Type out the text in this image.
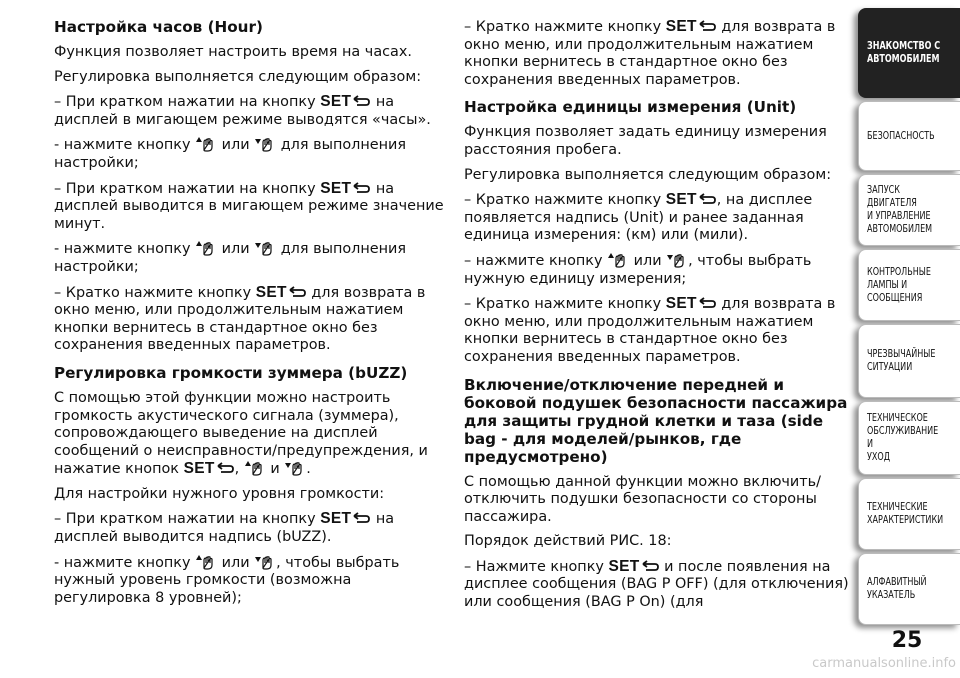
Настройка часов (Hour)

Функция позволяет настроить время на часах.

Регулировка выполняется следующим образом:

– При кратком нажатии на кнопку SET на дисплей в мигающем режиме выводятся «часы».

- нажмите кнопку или для выполнения настройки;

– При кратком нажатии на кнопку SET на дисплей выводится в мигающем режиме значение минут.

- нажмите кнопку или для выполнения настройки;

– Кратко нажмите кнопку SET для возврата в окно меню, или продолжительным нажатием кнопки вернитесь в стандартное окно без сохранения введенных параметров.

Регулировка громкости зуммера (bUZZ)

С помощью этой функции можно настроить громкость акустического сигнала (зуммера), сопровождающего выведение на дисплей сообщений о неисправности/предупреждения, и нажатие кнопок SET , и .

Для настройки нужного уровня громкости:

– При кратком нажатии на кнопку SET на дисплей выводится надпись (bUZZ).

- нажмите кнопку или , чтобы выбрать нужный уровень громкости (возможна регулировка 8 уровней);

– Кратко нажмите кнопку SET для возврата в окно меню, или продолжительным нажатием кнопки вернитесь в стандартное окно без сохранения введенных параметров.

Настройка единицы измерения (Unit)

Функция позволяет задать единицу измерения расстояния пробега.

Регулировка выполняется следующим образом:

– Кратко нажмите кнопку SET , на дисплее появляется надпись (Unit) и ранее заданная единица измерения: (км) или (мили).

– нажмите кнопку или , чтобы выбрать нужную единицу измерения;

– Кратко нажмите кнопку SET для возврата в окно меню, или продолжительным нажатием кнопки вернитесь в стандартное окно без сохранения введенных параметров.

Включение/отключение передней и боковой подушек безопасности пассажира для защиты грудной клетки и таза (side bag - для моделей/рынков, где предусмотрено)

С помощью данной функции можно включить/отключить подушки безопасности со стороны пассажира.

Порядок действий РИС. 18:

– Нажмите кнопку SET и после появления на дисплее сообщения (BAG P OFF) (для отключения) или сообщения (BAG P On) (для

ЗНАКОМСТВО С
АВТОМОБИЛЕМ
БЕЗОПАСНОСТЬ
ЗАПУСК ДВИГАТЕЛЯ
И УПРАВЛЕНИЕ
АВТОМОБИЛЕМ
КОНТРОЛЬНЫЕ
ЛАМПЫ И
СООБЩЕНИЯ
ЧРЕЗВЫЧАЙНЫЕ
СИТУАЦИИ
ТЕХНИЧЕСКОЕ
ОБСЛУЖИВАНИЕ И
УХОД
ТЕХНИЧЕСКИЕ
ХАРАКТЕРИСТИКИ
АЛФАВИТНЫЙ
УКАЗАТЕЛЬ
25
carmanualsonline.info
